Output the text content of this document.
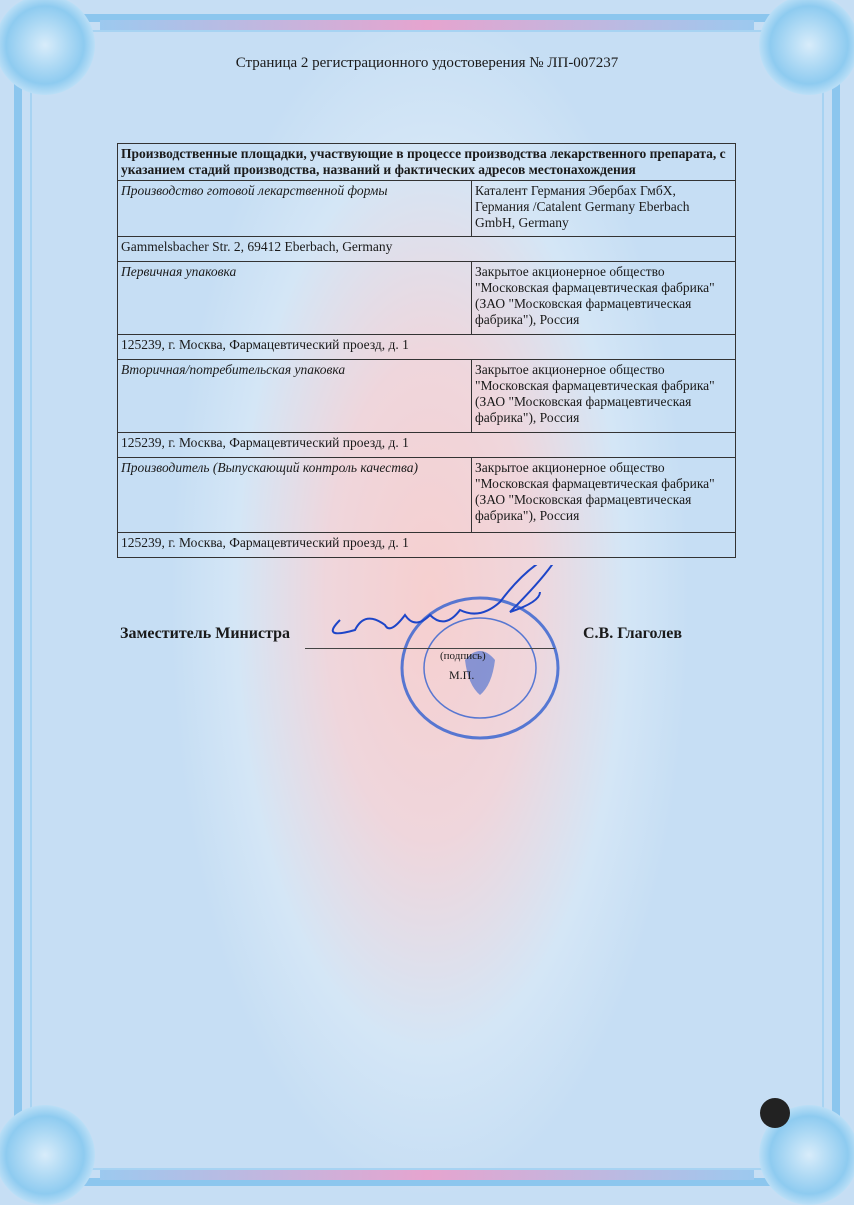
Страница 2 регистрационного удостоверения № ЛП-007237
Производственные площадки, участвующие в процессе производства лекарственного препарата, с указанием стадий производства, названий и фактических адресов местонахождения	
Производство готовой лекарственной формы	Каталент Германия Эбербах ГмбХ, Германия /Catalent Germany Eberbach GmbH, Germany
Gammelsbacher Str. 2, 69412 Eberbach, Germany	
Первичная упаковка	Закрытое акционерное общество "Московская фармацевтическая фабрика" (ЗАО "Московская фармацевтическая фабрика"), Россия
125239, г. Москва, Фармацевтический проезд, д. 1	
Вторичная/потребительская упаковка	Закрытое акционерное общество "Московская фармацевтическая фабрика" (ЗАО "Московская фармацевтическая фабрика"), Россия
125239, г. Москва, Фармацевтический проезд, д. 1	
Производитель (Выпускающий контроль качества)	Закрытое акционерное общество "Московская фармацевтическая фабрика" (ЗАО "Московская фармацевтическая фабрика"), Россия
125239, г. Москва, Фармацевтический проезд, д. 1	
Заместитель Министра	С.В. Глаголев
(подпись)
М.П.
